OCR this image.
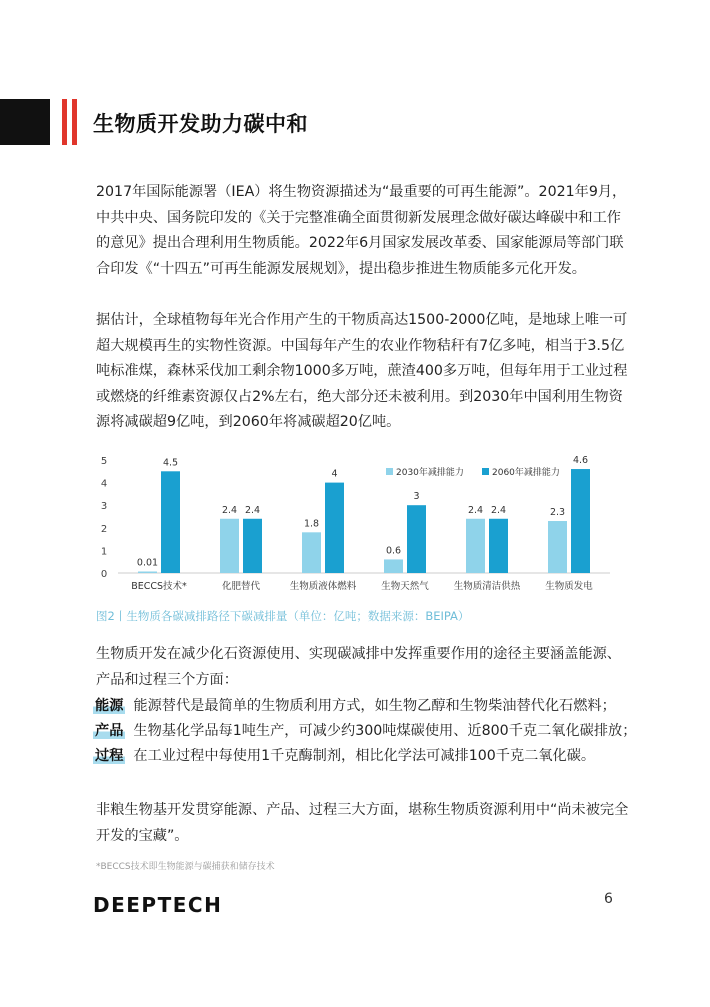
生物质开发助力碳中和

2017年国际能源署（IEA）将生物资源描述为“最重要的可再生能源”。2021年9月，中共中央、国务院印发的《关于完整准确全面贯彻新发展理念做好碳达峰碳中和工作的意见》提出合理利用生物质能。2022年6月国家发展改革委、国家能源局等部门联合印发《“十四五”可再生能源发展规划》，提出稳步推进生物质能多元化开发。

据估计，全球植物每年光合作用产生的干物质高达1500-2000亿吨，是地球上唯一可超大规模再生的实物性资源。中国每年产生的农业作物秸秆有7亿多吨，相当于3.5亿吨标准煤，森林采伐加工剩余物1000多万吨，蔗渣400多万吨，但每年用于工业过程或燃烧的纤维素资源仅占2%左右，绝大部分还未被利用。到2030年中国利用生物资源将减碳超9亿吨，到2060年将减碳超20亿吨。

0
1
2
3
4
5
0.01
4.5
BECCS技术*
2.4 2.4
化肥替代
1.8
4
生物质液体燃料
0.6
3
生物天然气
2.4 2.4
生物质清洁供热
2.3
4.6
生物质发电
2030年减排能力	2060年减排能力
图2丨生物质各碳减排路径下碳减排量（单位：亿吨；数据来源：BEIPA）

生物质开发在减少化石资源使用、实现碳减排中发挥重要作用的途径主要涵盖能源、产品和过程三个方面：

能源 能源替代是最简单的生物质利用方式，如生物乙醇和生物柴油替代化石燃料；
产品 生物基化学品每1吨生产，可减少约300吨煤碳使用、近800千克二氧化碳排放；
过程 在工业过程中每使用1千克酶制剂，相比化学法可减排100千克二氧化碳。

非粮生物基开发贯穿能源、产品、过程三大方面，堪称生物质资源利用中“尚未被完全开发的宝藏”。

*BECCS技术即生物能源与碳捕获和储存技术
DEEPTECH	6
